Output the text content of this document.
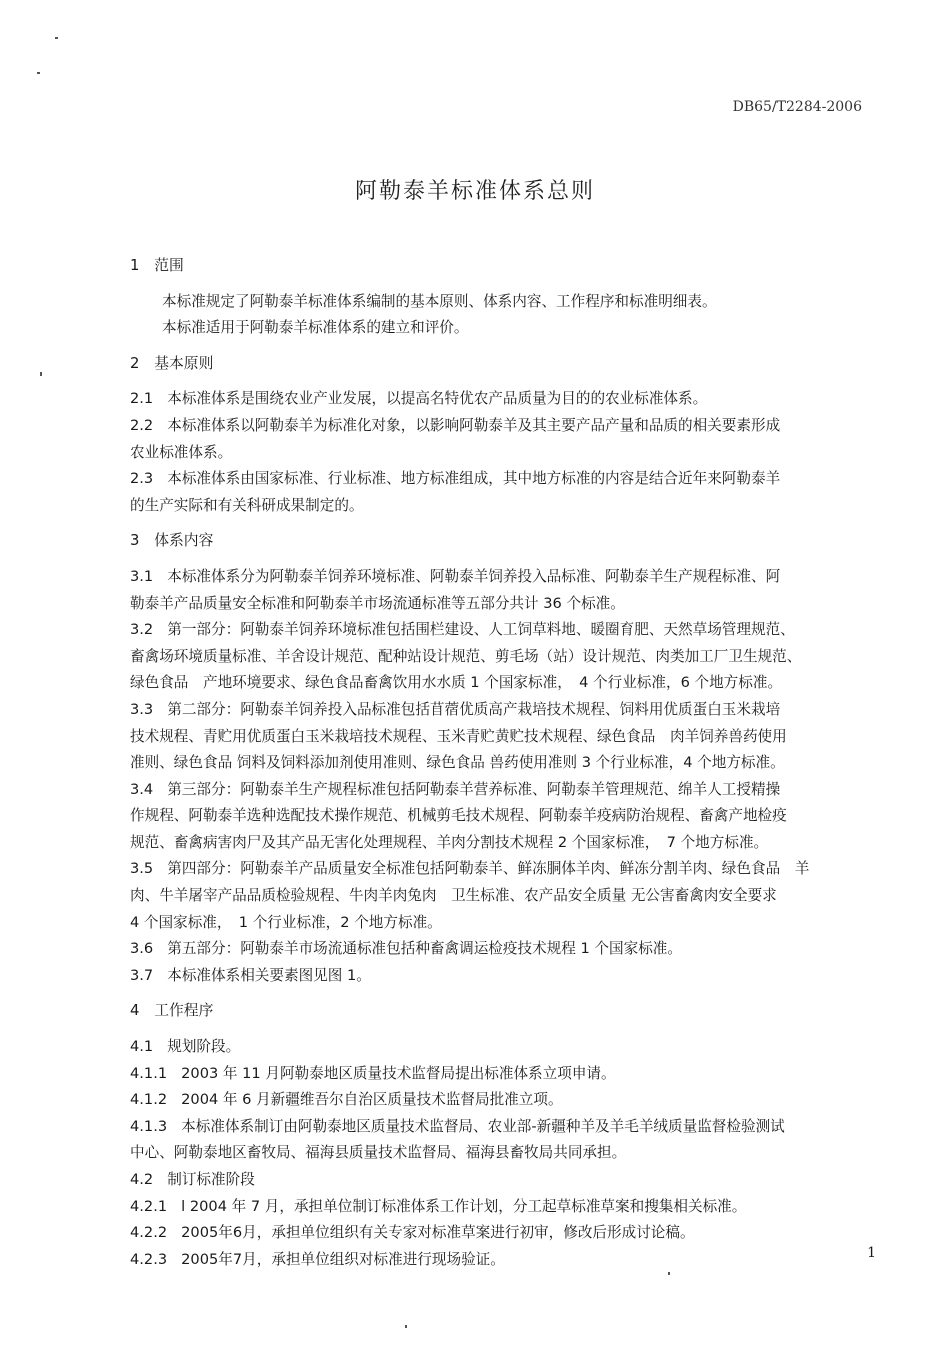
DB65/T2284-2006
阿勒泰羊标准体系总则

1　范围

本标准规定了阿勒泰羊标准体系编制的基本原则、体系内容、工作程序和标准明细表。

本标准适用于阿勒泰羊标准体系的建立和评价。

2　基本原则

2.1 本标准体系是围绕农业产业发展，以提高名特优农产品质量为目的的农业标准体系。

2.2 本标准体系以阿勒泰羊为标准化对象，以影响阿勒泰羊及其主要产品产量和品质的相关要素形成

农业标准体系。

2.3 本标准体系由国家标准、行业标准、地方标准组成，其中地方标准的内容是结合近年来阿勒泰羊

的生产实际和有关科研成果制定的。

3　体系内容

3.1 本标准体系分为阿勒泰羊饲养环境标准、阿勒泰羊饲养投入品标准、阿勒泰羊生产规程标准、阿

勒泰羊产品质量安全标准和阿勒泰羊市场流通标准等五部分共计 36 个标准。

3.2 第一部分：阿勒泰羊饲养环境标准包括围栏建设、人工饲草料地、暖圈育肥、天然草场管理规范、

畜禽场环境质量标准、羊舍设计规范、配种站设计规范、剪毛场（站）设计规范、肉类加工厂卫生规范、

绿色食品　产地环境要求、绿色食品畜禽饮用水水质 1 个国家标准，　4 个行业标准，6 个地方标准。

3.3 第二部分：阿勒泰羊饲养投入品标准包括苜蓿优质高产栽培技术规程、饲料用优质蛋白玉米栽培

技术规程、青贮用优质蛋白玉米栽培技术规程、玉米青贮黄贮技术规程、绿色食品　肉羊饲养兽药使用

准则、绿色食品 饲料及饲料添加剂使用准则、绿色食品 兽药使用准则 3 个行业标准，4 个地方标准。

3.4 第三部分：阿勒泰羊生产规程标准包括阿勒泰羊营养标准、阿勒泰羊管理规范、绵羊人工授精操

作规程、阿勒泰羊选种选配技术操作规范、机械剪毛技术规程、阿勒泰羊疫病防治规程、畜禽产地检疫

规范、畜禽病害肉尸及其产品无害化处理规程、羊肉分割技术规程 2 个国家标准，　7 个地方标准。

3.5 第四部分：阿勒泰羊产品质量安全标准包括阿勒泰羊、鲜冻胴体羊肉、鲜冻分割羊肉、绿色食品　羊

肉、牛羊屠宰产品品质检验规程、牛肉羊肉兔肉　卫生标准、农产品安全质量 无公害畜禽肉安全要求

4 个国家标准，　1 个行业标准，2 个地方标准。

3.6 第五部分：阿勒泰羊市场流通标准包括种畜禽调运检疫技术规程 1 个国家标准。

3.7 本标准体系相关要素图见图 1。

4　工作程序

4.1 规划阶段。

4.1.1 2003 年 11 月阿勒泰地区质量技术监督局提出标准体系立项申请。

4.1.2 2004 年 6 月新疆维吾尔自治区质量技术监督局批准立项。

4.1.3 本标准体系制订由阿勒泰地区质量技术监督局、农业部-新疆种羊及羊毛羊绒质量监督检验测试

中心、阿勒泰地区畜牧局、福海县质量技术监督局、福海县畜牧局共同承担。

4.2 制订标准阶段

4.2.1 l 2004 年 7 月，承担单位制订标准体系工作计划，分工起草标准草案和搜集相关标准。

4.2.2 2005年6月，承担单位组织有关专家对标准草案进行初审，修改后形成讨论稿。

4.2.3 2005年7月，承担单位组织对标准进行现场验证。	1
